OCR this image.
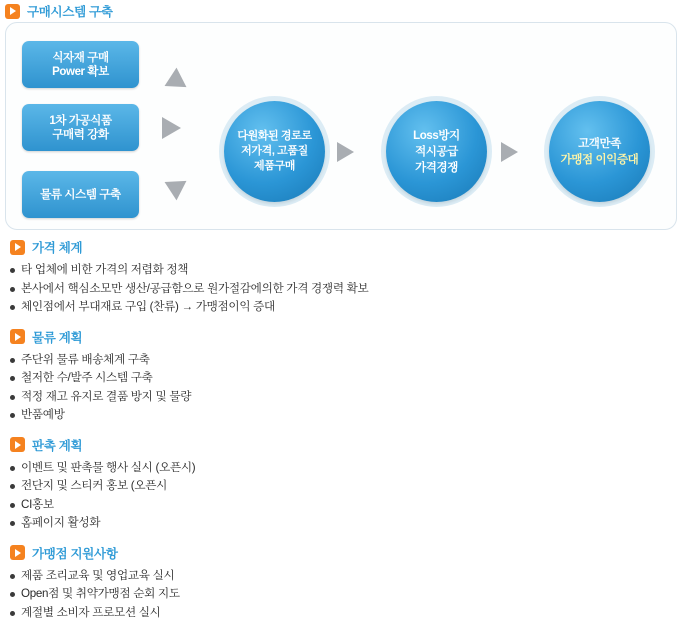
구매시스템 구축
식자재 구매
Power 확보
1차 가공식품
구매력 강화
물류 시스템 구축
다원화된 경로로
저가격, 고품질
제품구매
Loss방지
적시공급
가격경쟁
고객만족
가맹점 이익증대
가격 체계
타 업체에 비한 가격의 저렴화 정책
본사에서 핵심소모만 생산/공급함으로 원가절감에의한 가격 경쟁력 확보
체인점에서 부대재료 구입 (찬류) → 가맹점이익 증대
물류 계획
주단위 물류 배송체계 구축
철저한 수/발주 시스템 구축
적정 재고 유지로 결품 방지 및 물량
반품예방
판촉 계획
이벤트 및 판촉물 행사 실시 (오픈시)
전단지 및 스티커 홍보 (오픈시
CI홍보
홈페이지 활성화
가맹점 지원사항
제품 조리교육 및 영업교육 실시
Open점 및 취약가맹점 순회 지도
계절별 소비자 프로모션 실시
